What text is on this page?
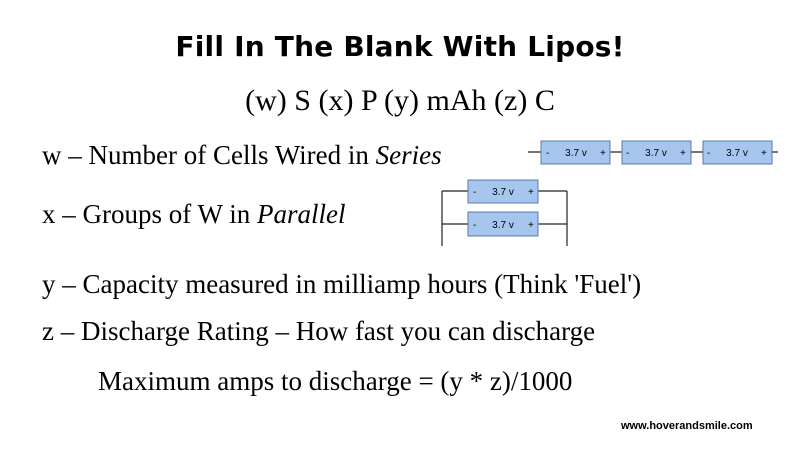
Fill In The Blank With Lipos!
(w) S (x) P (y) mAh (z) C
w – Number of Cells Wired in Series
x – Groups of W in Parallel
y – Capacity measured in milliamp hours (Think 'Fuel')
z – Discharge Rating – How fast you can discharge
Maximum amps to discharge = (y * z)/1000
www.hoverandsmile.com
- 3.7 v + - 3.7 v + - 3.7 v +
- 3.7 v +
- 3.7 v +
